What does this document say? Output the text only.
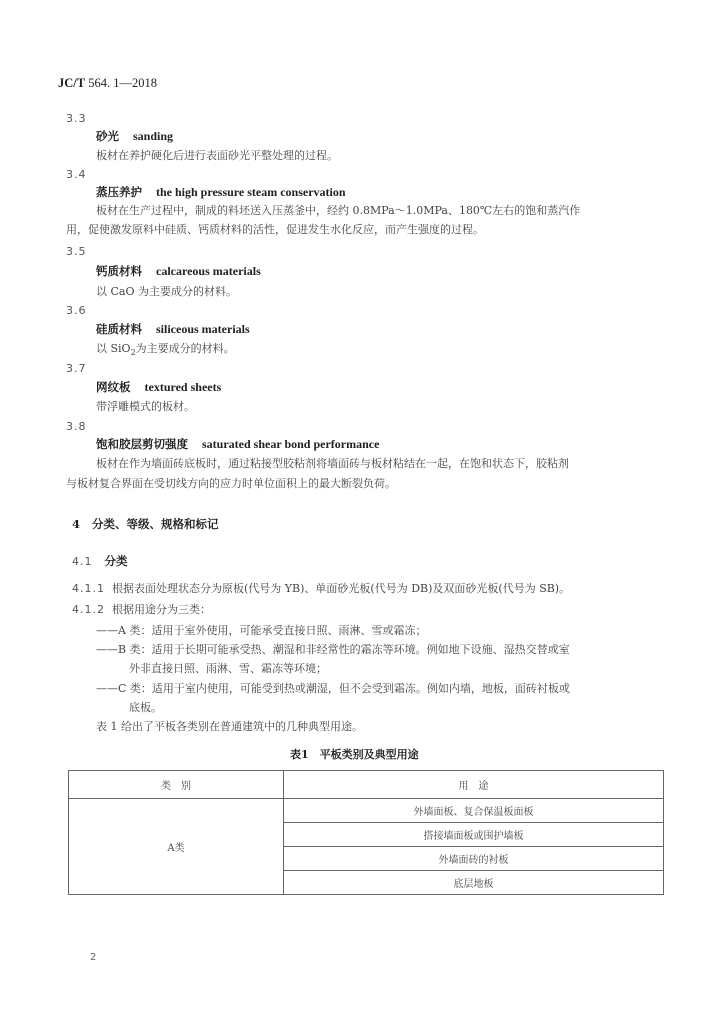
JC/T 564. 1—2018
3.3
砂光 sanding
板材在养护硬化后进行表面砂光平整处理的过程。
3.4
蒸压养护 the high pressure steam conservation
板材在生产过程中，制成的料坯送入压蒸釜中，经约 0.8MPa～1.0MPa、180℃左右的饱和蒸汽作
用，促使激发原料中硅质、钙质材料的活性，促进发生水化反应，而产生强度的过程。
3.5
钙质材料 calcareous materials
以 CaO 为主要成分的材料。
3.6
硅质材料 siliceous materials
以 SiO$_2$为主要成分的材料。
3.7
网纹板 textured sheets
带浮雕模式的板材。
3.8
饱和胶层剪切强度 saturated shear bond performance
板材在作为墙面砖底板时，通过粘接型胶粘剂将墙面砖与板材粘结在一起，在饱和状态下，胶粘剂
与板材复合界面在受切线方向的应力时单位面积上的最大断裂负荷。
4 分类、等级、规格和标记
4.1 分类
4.1.1 根据表面处理状态分为原板(代号为 YB)、单面砂光板(代号为 DB)及双面砂光板(代号为 SB)。
4.1.2 根据用途分为三类：
——A 类：适用于室外使用，可能承受直接日照、雨淋、雪或霜冻；
——B 类：适用于长期可能承受热、潮湿和非经常性的霜冻等环境。例如地下设施、湿热交替或室
外非直接日照、雨淋、雪、霜冻等环境；
——C 类：适用于室内使用，可能受到热或潮湿，但不会受到霜冻。例如内墙，地板，面砖衬板或
底板。
表 1 给出了平板各类别在普通建筑中的几种典型用途。
表1　平板类别及典型用途
类　别	用　途
A类	外墙面板、复合保温板面板
	搭接墙面板或围护墙板
	外墙面砖的衬板
	底层地板
2
